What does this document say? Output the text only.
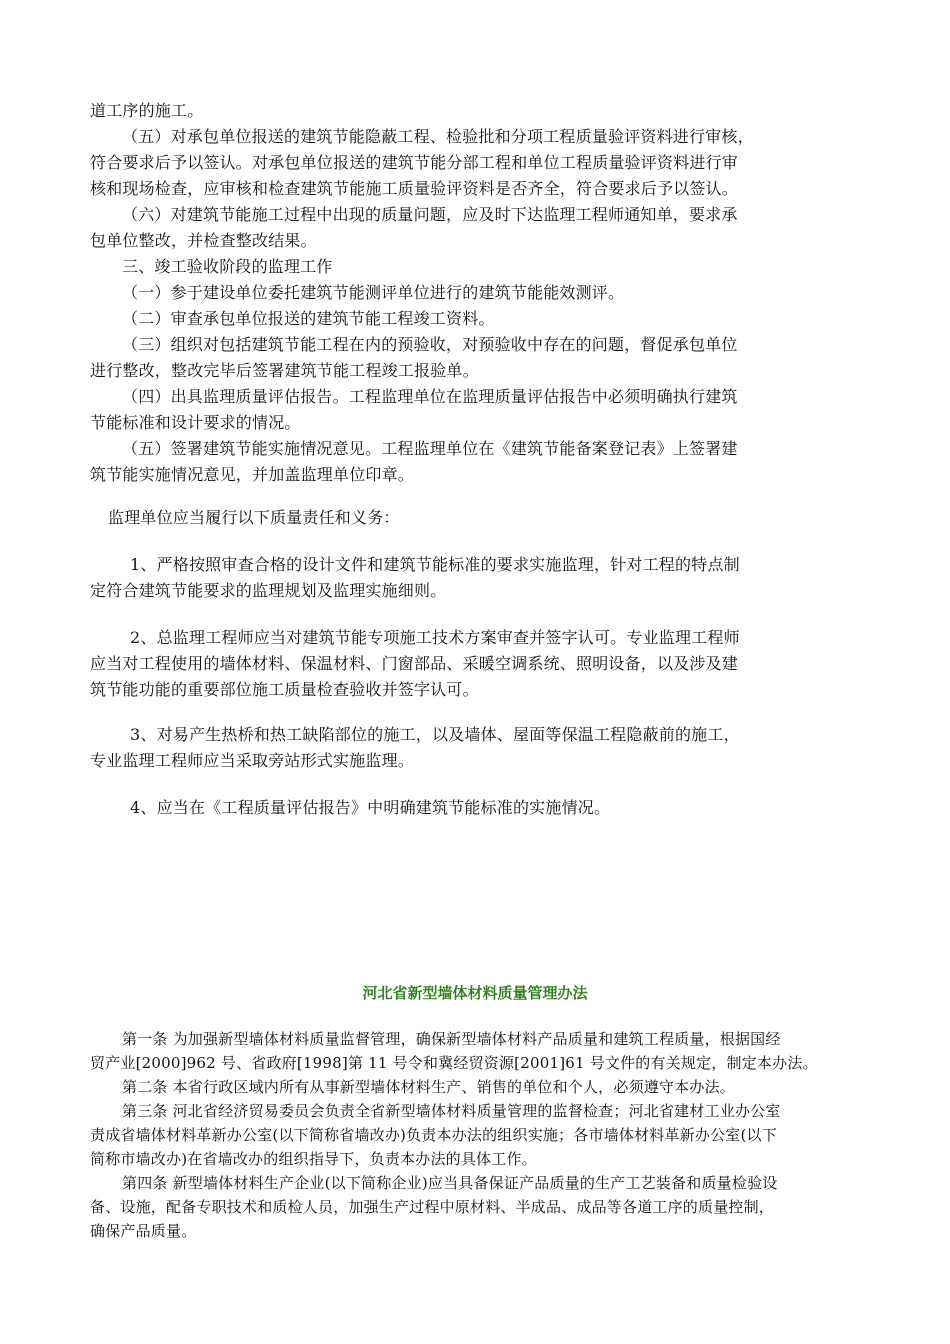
道工序的施工。
（五）对承包单位报送的建筑节能隐蔽工程、检验批和分项工程质量验评资料进行审核，
符合要求后予以签认。对承包单位报送的建筑节能分部工程和单位工程质量验评资料进行审
核和现场检查，应审核和检查建筑节能施工质量验评资料是否齐全，符合要求后予以签认。
（六）对建筑节能施工过程中出现的质量问题，应及时下达监理工程师通知单，要求承
包单位整改，并检查整改结果。
三、竣工验收阶段的监理工作
（一）参于建设单位委托建筑节能测评单位进行的建筑节能能效测评。
（二）审查承包单位报送的建筑节能工程竣工资料。
（三）组织对包括建筑节能工程在内的预验收，对预验收中存在的问题，督促承包单位
进行整改，整改完毕后签署建筑节能工程竣工报验单。
（四）出具监理质量评估报告。工程监理单位在监理质量评估报告中必须明确执行建筑
节能标准和设计要求的情况。
（五）签署建筑节能实施情况意见。工程监理单位在《建筑节能备案登记表》上签署建
筑节能实施情况意见，并加盖监理单位印章。
监理单位应当履行以下质量责任和义务：
1、严格按照审查合格的设计文件和建筑节能标准的要求实施监理，针对工程的特点制
定符合建筑节能要求的监理规划及监理实施细则。
2、总监理工程师应当对建筑节能专项施工技术方案审查并签字认可。专业监理工程师
应当对工程使用的墙体材料、保温材料、门窗部品、采暖空调系统、照明设备，以及涉及建
筑节能功能的重要部位施工质量检查验收并签字认可。
3、对易产生热桥和热工缺陷部位的施工，以及墙体、屋面等保温工程隐蔽前的施工，
专业监理工程师应当采取旁站形式实施监理。
4、应当在《工程质量评估报告》中明确建筑节能标准的实施情况。
河北省新型墙体材料质量管理办法
第一条 为加强新型墙体材料质量监督管理，确保新型墙体材料产品质量和建筑工程质量，根据国经
贸产业[2000]962 号、省政府[1998]第 11 号令和冀经贸资源[2001]61 号文件的有关规定，制定本办法。
第二条 本省行政区域内所有从事新型墙体材料生产、销售的单位和个人，必须遵守本办法。
第三条 河北省经济贸易委员会负责全省新型墙体材料质量管理的监督检查；河北省建材工业办公室
责成省墙体材料革新办公室(以下简称省墙改办)负责本办法的组织实施；各市墙体材料革新办公室(以下
简称市墙改办)在省墙改办的组织指导下，负责本办法的具体工作。
第四条 新型墙体材料生产企业(以下简称企业)应当具备保证产品质量的生产工艺装备和质量检验设
备、设施，配备专职技术和质检人员，加强生产过程中原材料、半成品、成品等各道工序的质量控制，
确保产品质量。
